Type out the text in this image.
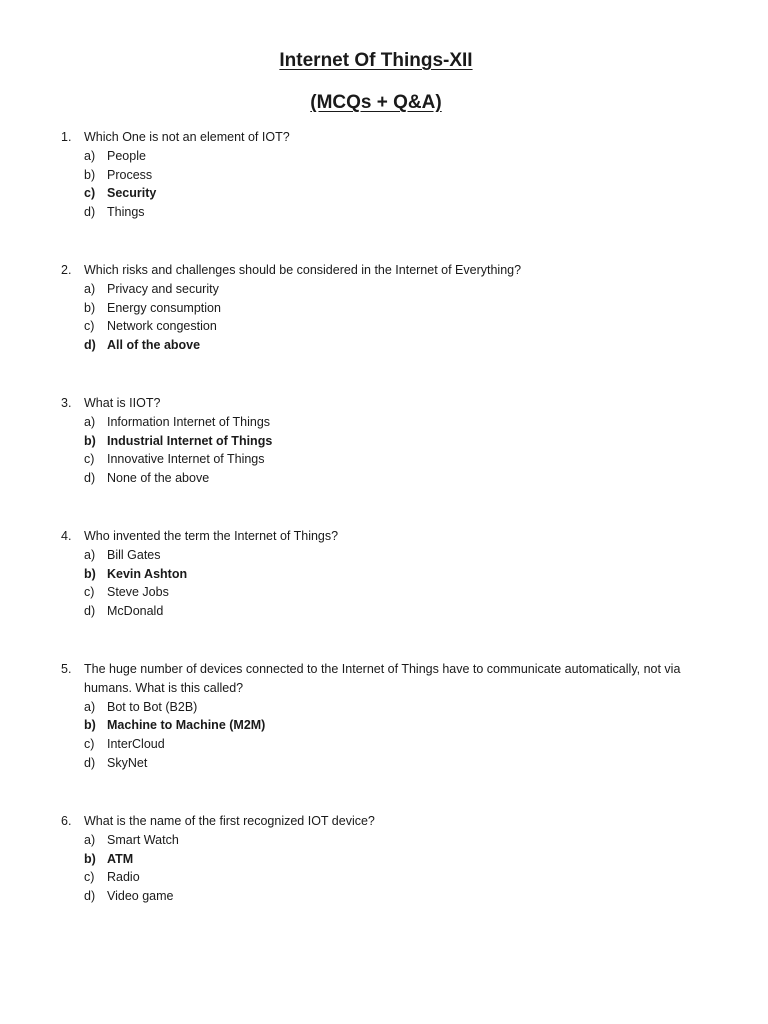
Internet Of Things-XII
(MCQs + Q&A)
1. Which One is not an element of IOT?
a) People
b) Process
c) Security
d) Things
2. Which risks and challenges should be considered in the Internet of Everything?
a) Privacy and security
b) Energy consumption
c) Network congestion
d) All of the above
3. What is IIOT?
a) Information Internet of Things
b) Industrial Internet of Things
c) Innovative Internet of Things
d) None of the above
4. Who invented the term the Internet of Things?
a) Bill Gates
b) Kevin Ashton
c) Steve Jobs
d) McDonald
5. The huge number of devices connected to the Internet of Things have to communicate automatically, not via humans. What is this called?
a) Bot to Bot (B2B)
b) Machine to Machine (M2M)
c) InterCloud
d) SkyNet
6. What is the name of the first recognized IOT device?
a) Smart Watch
b) ATM
c) Radio
d) Video game
